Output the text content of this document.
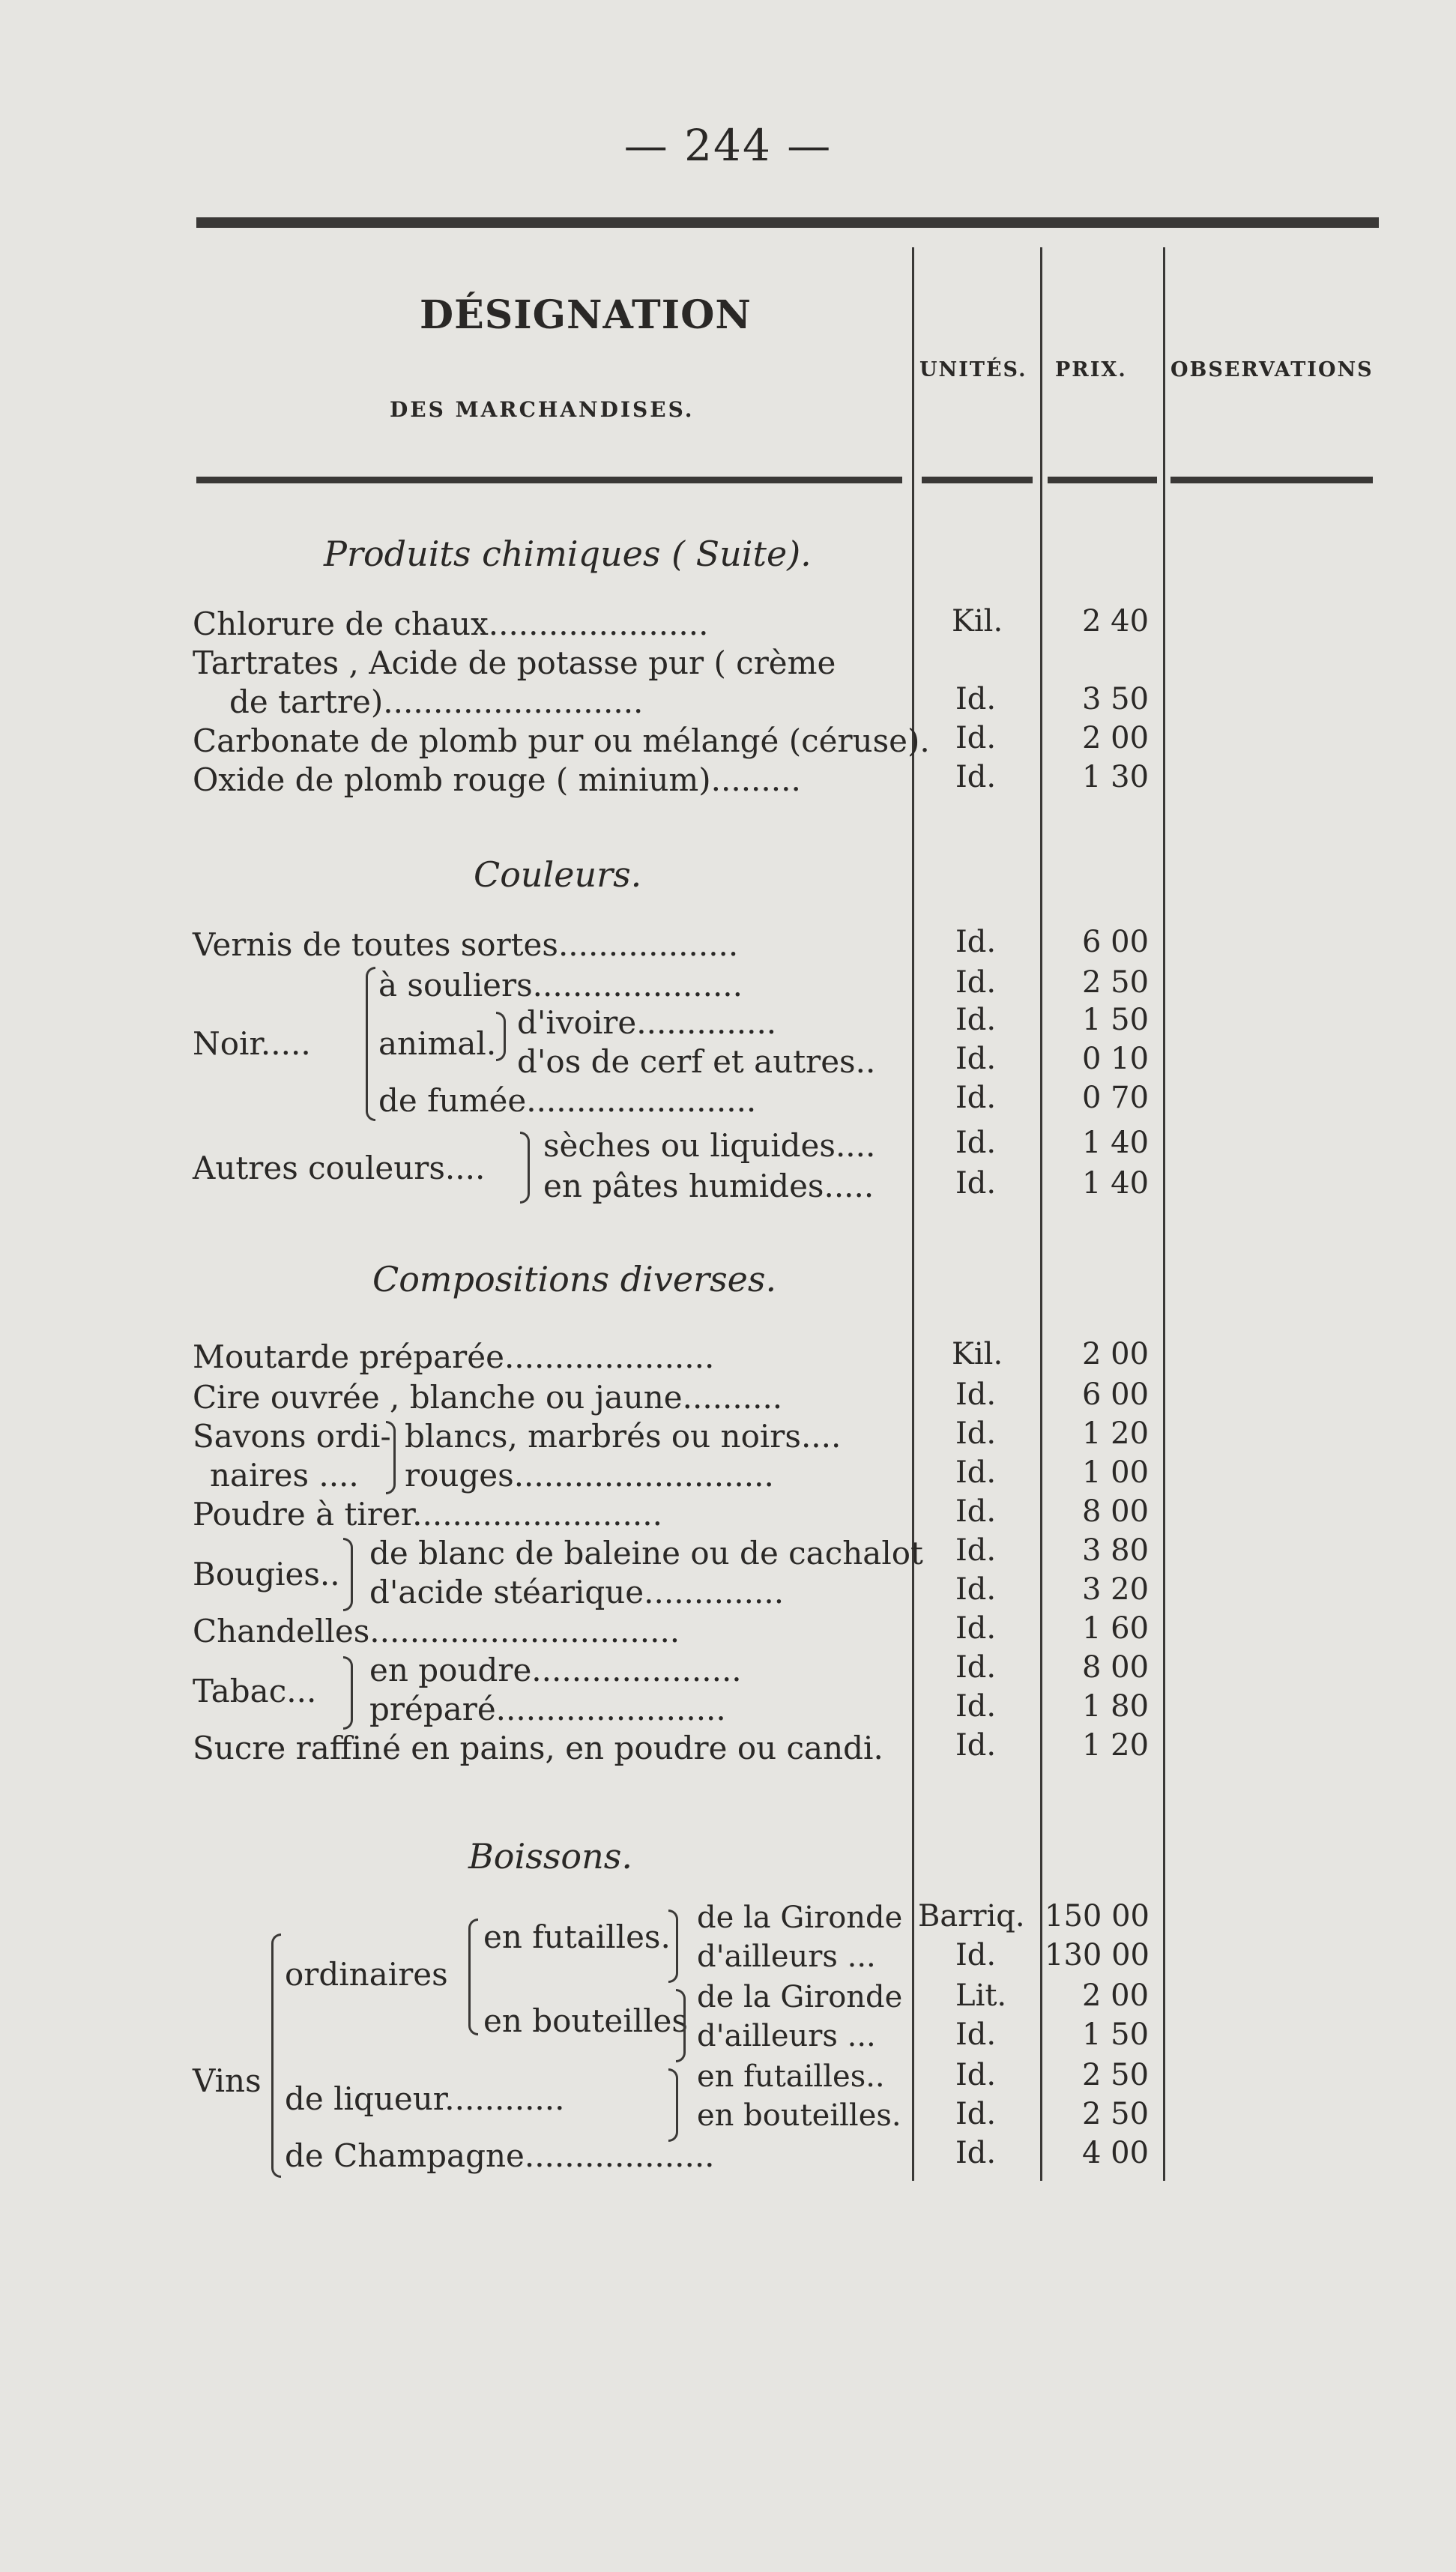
— 244 —
DÉSIGNATION
DES MARCHANDISES.
UNITÉS. PRIX. OBSERVATIONS
Produits chimiques ( Suite).
Chlorure de chaux......................	Kil.	2 40
Tartrates , Acide de potasse pur ( crème
de tartre)..........................	Id.	3 50
Carbonate de plomb pur ou mélangé (céruse). Id.	2 00
Oxide de plomb rouge ( minium).........	Id.	1 30
Couleurs.
Vernis de toutes sortes..................	Id.	6 00
Noir.....
à souliers.....................	Id.	2 50
animal.
d'ivoire..............	Id.	1 50
d'os de cerf et autres..	Id.	0 10
de fumée.......................	Id.	0 70
Autres couleurs....
sèches ou liquides....	Id.	1 40
en pâtes humides.....	Id.	1 40
Compositions diverses.
Moutarde préparée.....................	Kil.	2 00
Cire ouvrée , blanche ou jaune..........	Id.	6 00
Savons ordi-
naires ....
blancs, marbrés ou noirs....	Id.	1 20
rouges..........................	Id.	1 00
Poudre à tirer.........................	Id.	8 00
Bougies..
de blanc de baleine ou de cachalot Id.	3 80
d'acide stéarique..............	Id.	3 20
Chandelles...............................	Id.	1 60
Tabac...
en poudre.....................	Id.	8 00
préparé.......................	Id.	1 80
Sucre raffiné en pains, en poudre ou candi. Id.	1 20
Boissons.
Vins
ordinaires
en futailles.
de la Gironde Barriq. 150 00
d'ailleurs ...	Id. 130 00
en bouteilles
de la Gironde Lit.	2 00
d'ailleurs ...	Id.	1 50
de liqueur............
en futailles.. Id.	2 50
en bouteilles. Id.	2 50
de Champagne...................	Id.	4 00
